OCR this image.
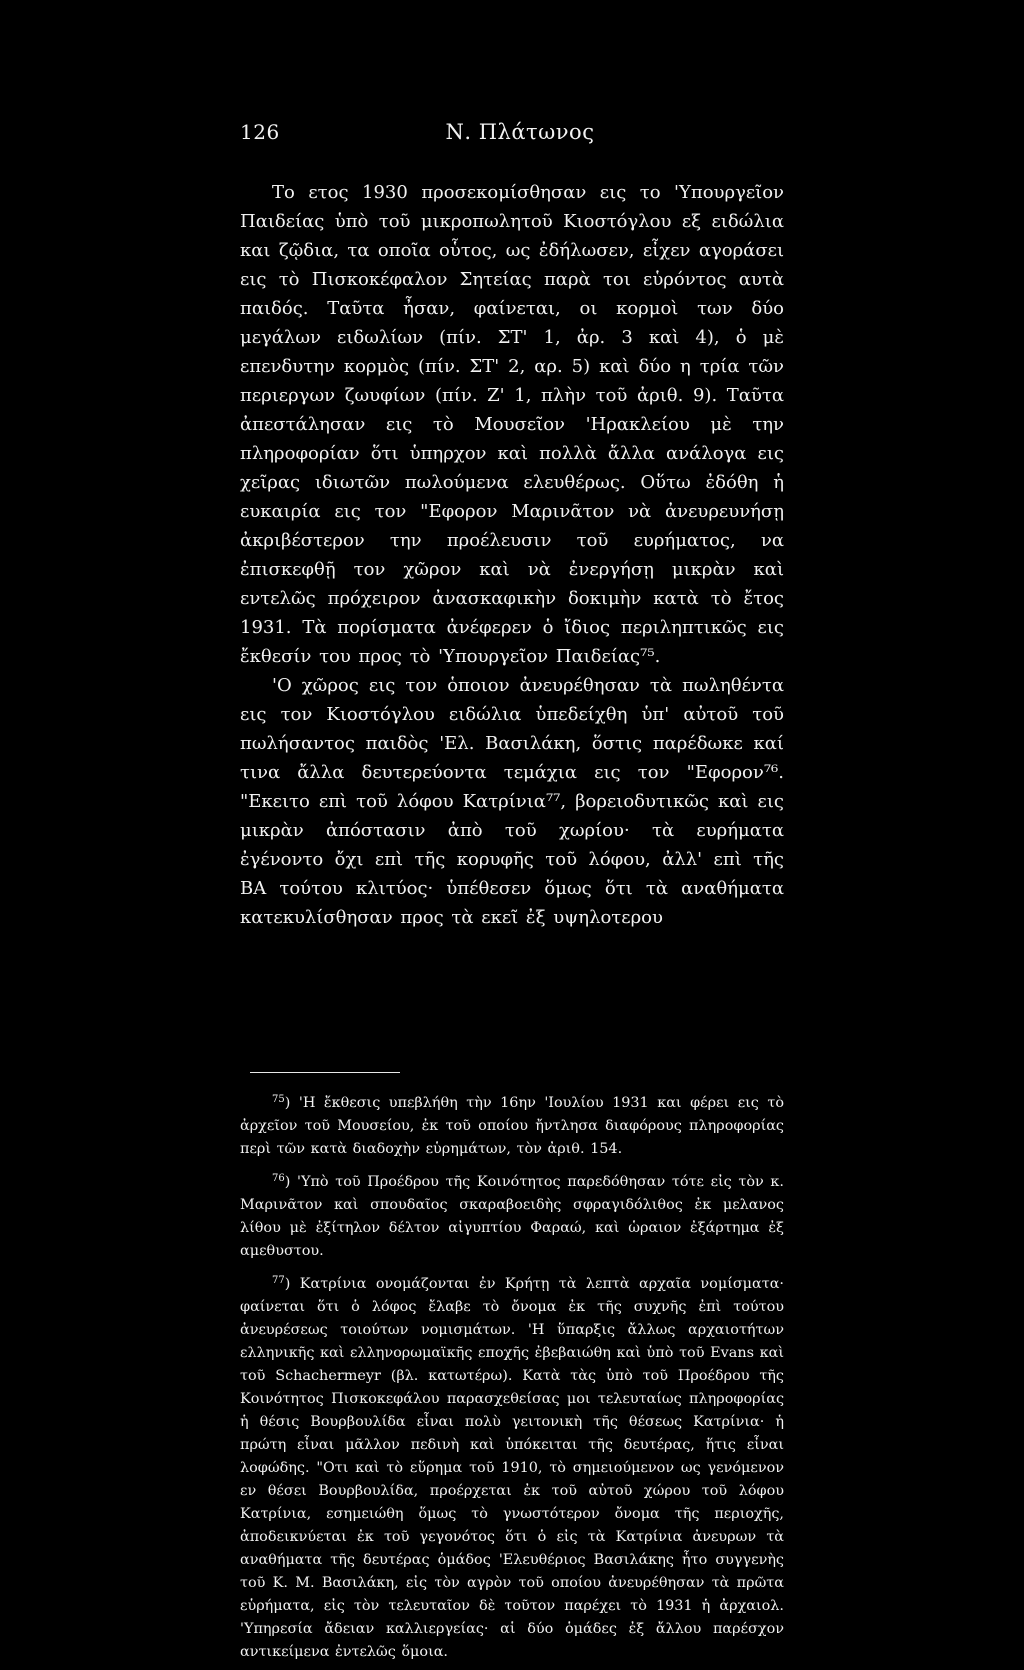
126	Ν. Πλάτωνος

Το ετος 1930 προσεκομίσθησαν εις το 'Υπουργεῖον Παιδείας ὑπὸ τοῦ μικροπωλητοῦ Κιοστόγλου εξ ειδώλια και ζῷδια, τα οποῖα οὗτος, ως ἐδήλωσεν, εἶχεν αγοράσει εις τὸ Πισκοκέφαλον Σητείας παρὰ τοι εὑρόντος αυτὰ παιδός. Ταῦτα ἦσαν, φαίνεται, οι κορμοὶ των δύο μεγάλων ειδωλίων (πίν. ΣΤ' 1, ἀρ. 3 καὶ 4), ὁ μὲ επενδυτην κορμὸς (πίν. ΣΤ' 2, αρ. 5) καὶ δύο η τρία τῶν περιεργων ζωυφίων (πίν. Ζ' 1, πλὴν τοῦ ἀριθ. 9). Ταῦτα ἀπεστάλησαν εις τὸ Μουσεῖον 'Ηρακλείου μὲ την πληροφορίαν ὅτι ὑπηρχον καὶ πολλὰ ἄλλα ανάλογα εις χεῖρας ιδιωτῶν πωλούμενα ελευθέρως. Οὕτω ἐδόθη ἡ ευκαιρία εις τον "Εφορον Μαρινᾶτον νὰ ἀνευρευνήσῃ ἀκριβέστερον την προέλευσιν τοῦ ευρήματος, να ἐπισκεφθῇ τον χῶρον καὶ νὰ ἐνεργήσῃ μικρὰν καὶ εντελῶς πρόχειρον ἀνασκαφικὴν δοκιμὴν κατὰ τὸ ἔτος 1931. Τὰ πορίσματα ἀνέφερεν ὁ ἴδιος περιληπτικῶς εις ἔκθεσίν του προς τὸ 'Υπουργεῖον Παιδείας⁷⁵.

'Ο χῶρος εις τον ὁποιον ἀνευρέθησαν τὰ πωληθέντα εις τον Κιοστόγλου ειδώλια ὑπεδείχθη ὑπ' αὐτοῦ τοῦ πωλήσαντος παιδὸς 'Ελ. Βασιλάκη, ὅστις παρέδωκε καί τινα ἄλλα δευτερεύοντα τεμάχια εις τον "Εφορον⁷⁶. "Εκειτο επὶ τοῦ λόφου Κατρίνια⁷⁷, βορειοδυτικῶς καὶ εις μικρὰν ἀπόστασιν ἀπὸ τοῦ χωρίου· τὰ ευρήματα ἐγένοντο ὄχι επὶ τῆς κορυφῆς τοῦ λόφου, ἀλλ' επὶ τῆς ΒΑ τούτου κλιτύος· ὑπέθεσεν ὅμως ὅτι τὰ αναθήματα κατεκυλίσθησαν προς τὰ εκεῖ ἐξ υψηλοτερου

$^{75}$) 'Η ἔκθεσις υπεβλήθη τὴν 16ην 'Ιουλίου 1931 και φέρει εις τὸ ἀρχεῖον τοῦ Μουσείου, ἐκ τοῦ οποίου ἤντλησα διαφόρους πληροφορίας περὶ τῶν κατὰ διαδοχὴν εὑρημάτων, τὸν ἀριθ. 154.

$^{76}$) 'Υπὸ τοῦ Προέδρου τῆς Κοινότητος παρεδόθησαν τότε εἰς τὸν κ. Μαρινᾶτον καὶ σπουδαῖος σκαραβοειδὴς σφραγιδόλιθος ἐκ μελανος λίθου μὲ ἐξίτηλον δέλτον αἰγυπτίου Φαραώ, καὶ ὡραιον ἐξάρτημα ἐξ αμεθυστου.

$^{77}$) Κατρίνια ονομάζονται ἐν Κρήτῃ τὰ λεπτὰ αρχαῖα νομίσματα· φαίνεται ὅτι ὁ λόφος ἔλαβε τὸ ὄνομα ἐκ τῆς συχνῆς ἐπὶ τούτου ἀνευρέσεως τοιούτων νομισμάτων. 'Η ὕπαρξις ἄλλως αρχαιοτήτων ελληνικῆς καὶ ελληνορωμαϊκῆς εποχῆς ἐβεβαιώθη καὶ ὑπὸ τοῦ Evans καὶ τοῦ Schachermeyr (βλ. κατωτέρω). Κατὰ τὰς ὑπὸ τοῦ Προέδρου τῆς Κοινότητος Πισκοκεφάλου παρασχεθείσας μοι τελευταίως πληροφορίας ἡ θέσις Βουρβουλίδα εἶναι πολὺ γειτονικὴ τῆς θέσεως Κατρίνια· ἡ πρώτη εἶναι μᾶλλον πεδινὴ καὶ ὑπόκειται τῆς δευτέρας, ἥτις εἶναι λοφώδης. "Οτι καὶ τὸ εὕρημα τοῦ 1910, τὸ σημειούμενον ως γενόμενον εν θέσει Βουρβουλίδα, προέρχεται ἐκ τοῦ αὐτοῦ χώρου τοῦ λόφου Κατρίνια, εσημειώθη ὅμως τὸ γνωστότερον ὄνομα τῆς περιοχῆς, ἀποδεικνύεται ἐκ τοῦ γεγονότος ὅτι ὁ εἰς τὰ Κατρίνια ἀνευρων τὰ αναθήματα τῆς δευτέρας ὁμάδος 'Ελευθέριος Βασιλάκης ἦτο συγγενὴς τοῦ Κ. Μ. Βασιλάκη, εἰς τὸν αγρὸν τοῦ οποίου ἀνευρέθησαν τὰ πρῶτα εὑρήματα, εἰς τὸν τελευταῖον δὲ τοῦτον παρέχει τὸ 1931 ἡ ἀρχαιολ. 'Υπηρεσία ἄδειαν καλλιεργείας· αἱ δύο ὁμάδες ἐξ ἄλλου παρέσχον αντικείμενα ἐντελῶς ὅμοια.
